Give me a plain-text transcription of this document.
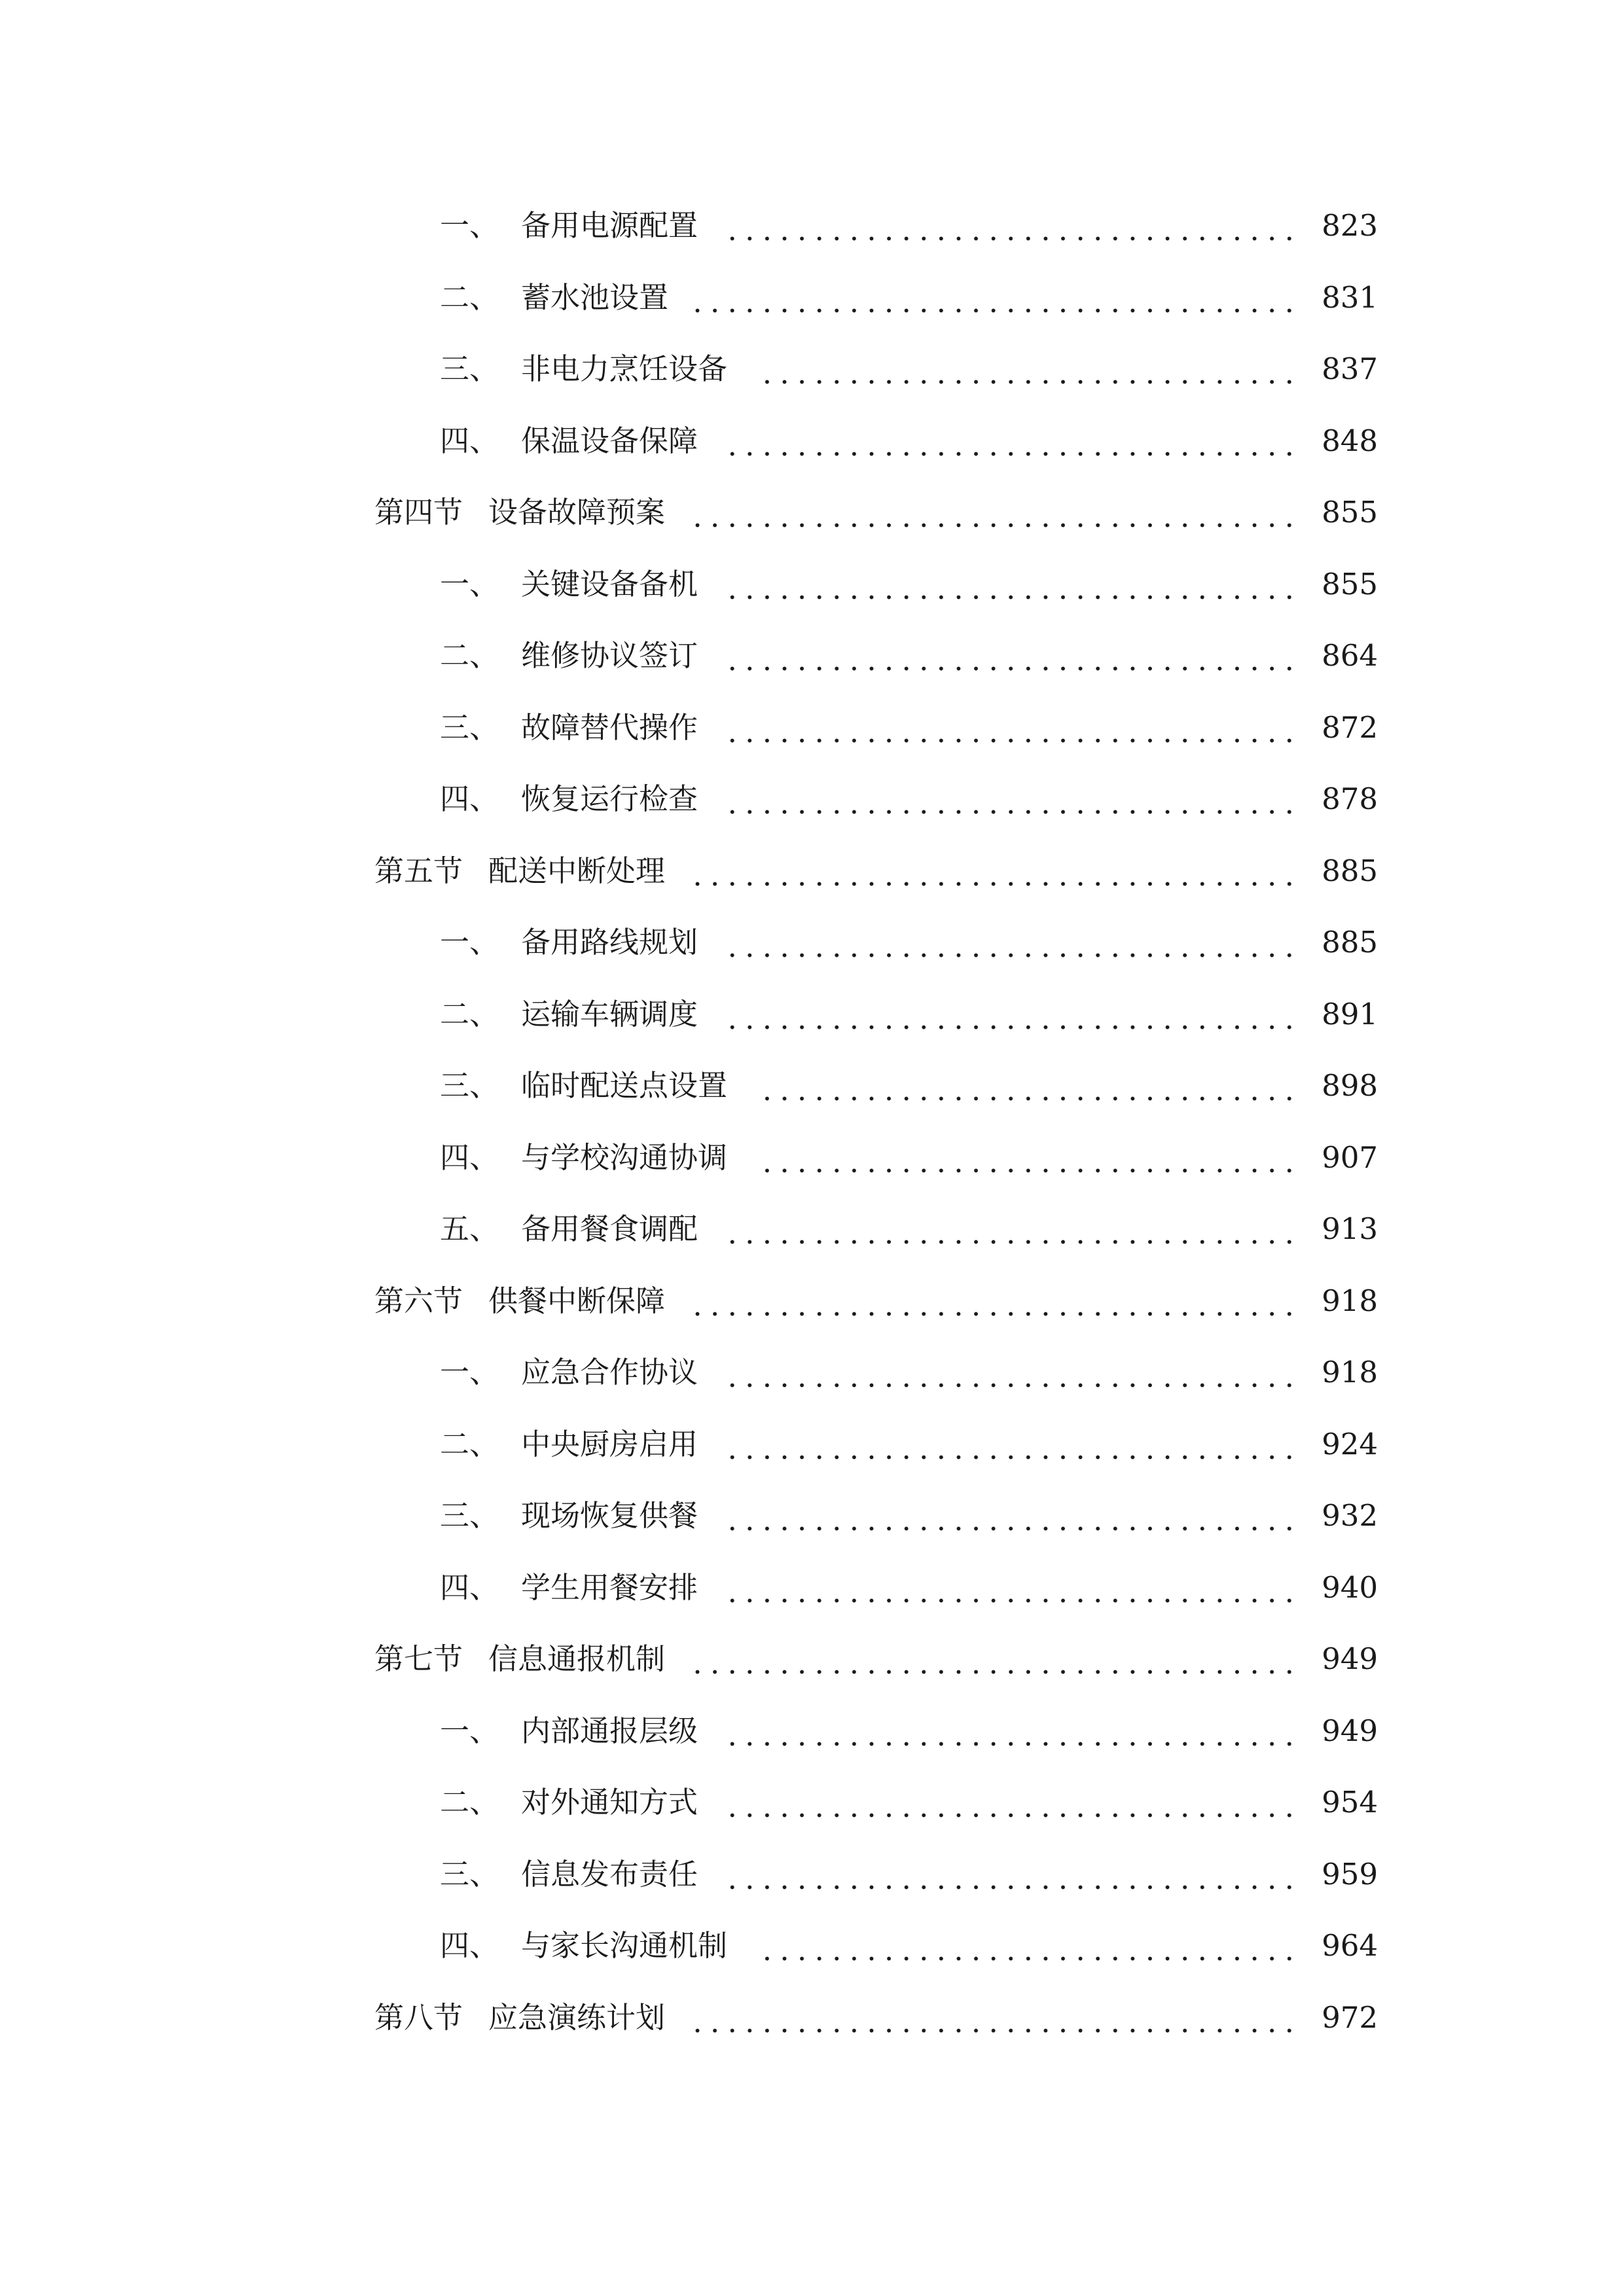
一、 备用电源配置	823
二、 蓄水池设置	831
三、 非电力烹饪设备	837
四、 保温设备保障	848
第四节 设备故障预案	855
一、 关键设备备机	855
二、 维修协议签订	864
三、 故障替代操作	872
四、 恢复运行检查	878
第五节 配送中断处理	885
一、 备用路线规划	885
二、 运输车辆调度	891
三、 临时配送点设置	898
四、 与学校沟通协调	907
五、 备用餐食调配	913
第六节 供餐中断保障	918
一、 应急合作协议	918
二、 中央厨房启用	924
三、 现场恢复供餐	932
四、 学生用餐安排	940
第七节 信息通报机制	949
一、 内部通报层级	949
二、 对外通知方式	954
三、 信息发布责任	959
四、 与家长沟通机制	964
第八节 应急演练计划	972
